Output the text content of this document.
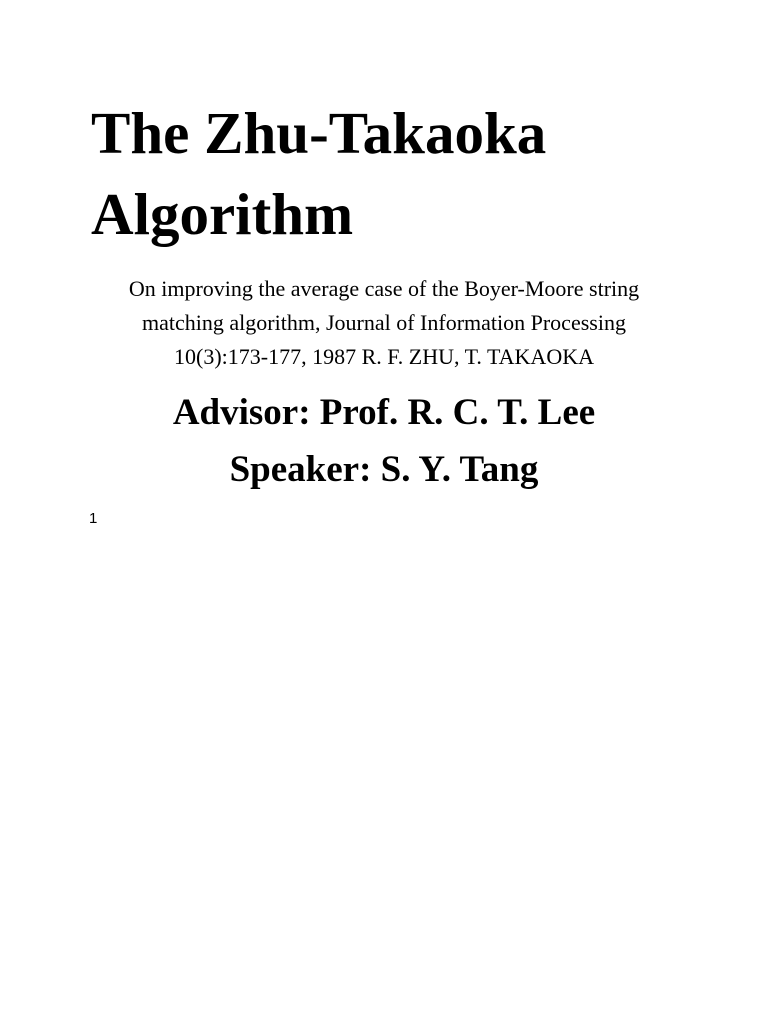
The Zhu-Takaoka Algorithm

On improving the average case of the Boyer-Moore string
matching algorithm, Journal of Information Processing
10(3):173-177, 1987 R. F. ZHU, T. TAKAOKA

Advisor: Prof. R. C. T. Lee
Speaker: S. Y. Tang
1
